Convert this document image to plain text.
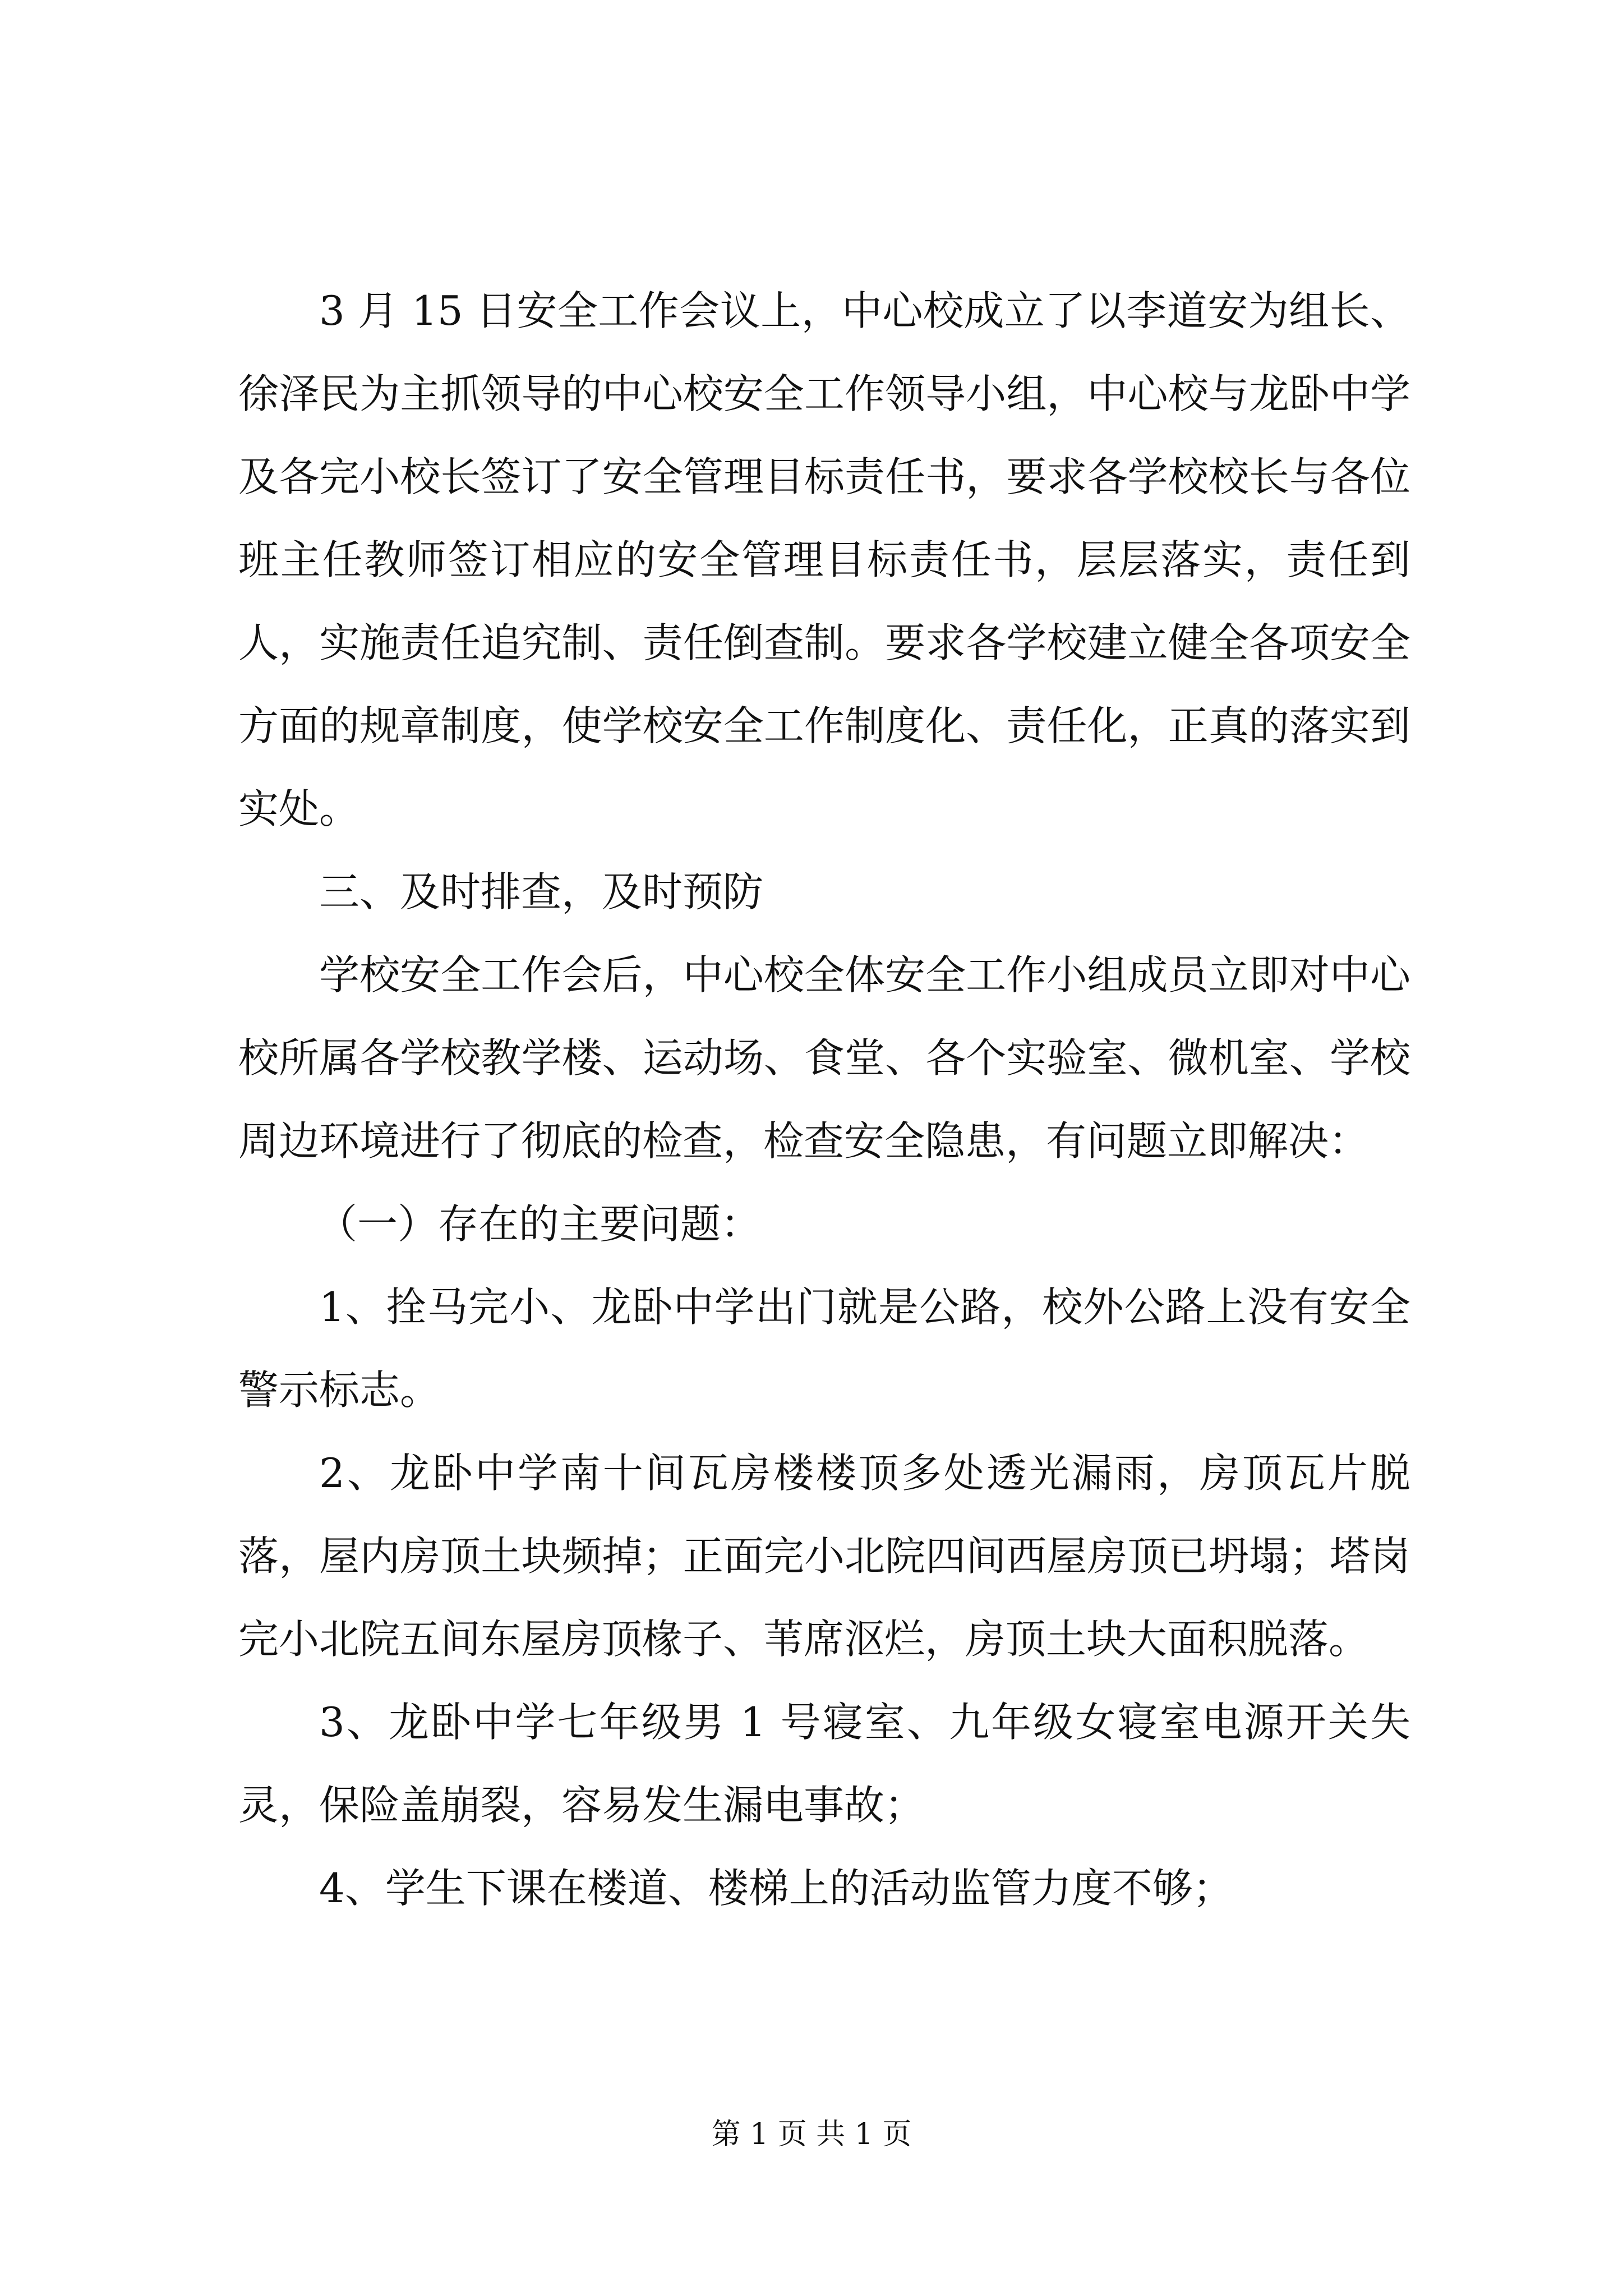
3 月 15 日安全工作会议上，中心校成立了以李道安为组长、徐泽民为主抓领导的中心校安全工作领导小组，中心校与龙卧中学及各完小校长签订了安全管理目标责任书，要求各学校校长与各位班主任教师签订相应的安全管理目标责任书，层层落实，责任到人，实施责任追究制、责任倒查制。要求各学校建立健全各项安全方面的规章制度，使学校安全工作制度化、责任化，正真的落实到实处。

三、及时排查，及时预防

学校安全工作会后，中心校全体安全工作小组成员立即对中心校所属各学校教学楼、运动场、食堂、各个实验室、微机室、学校周边环境进行了彻底的检查，检查安全隐患，有问题立即解决：

（一）存在的主要问题：

1、拴马完小、龙卧中学出门就是公路，校外公路上没有安全警示标志。

2、龙卧中学南十间瓦房楼楼顶多处透光漏雨，房顶瓦片脱落，屋内房顶土块频掉；正面完小北院四间西屋房顶已坍塌；塔岗完小北院五间东屋房顶椽子、苇席沤烂，房顶土块大面积脱落。

3、龙卧中学七年级男 1 号寝室、九年级女寝室电源开关失灵，保险盖崩裂，容易发生漏电事故；

4、学生下课在楼道、楼梯上的活动监管力度不够；

第 1 页 共 1 页
